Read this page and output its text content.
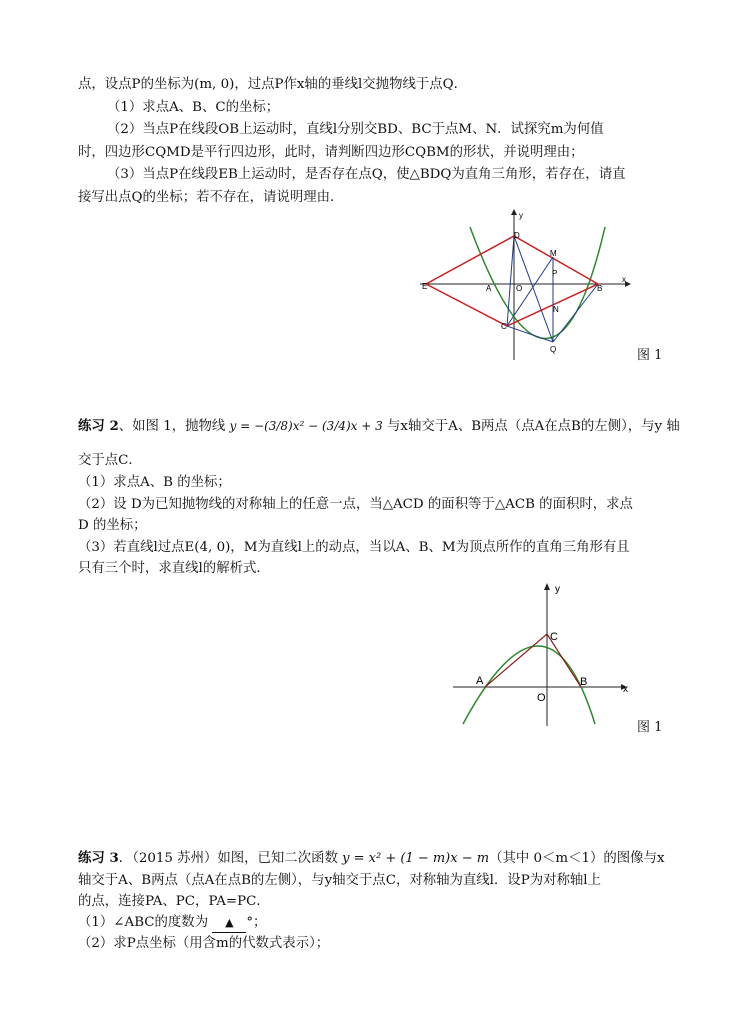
点，设点P的坐标为(m, 0)，过点P作x轴的垂线l交抛物线于点Q．
（1）求点A、B、C的坐标；
（2）当点P在线段OB上运动时，直线l分别交BD、BC于点M、N．试探究m为何值
时，四边形CQMD是平行四边形，此时，请判断四边形CQBM的形状，并说明理由；
（3）当点P在线段EB上运动时，是否存在点Q，使△BDQ为直角三角形，若存在，请直
接写出点Q的坐标；若不存在，请说明理由．
y
x
D
M
P
E	A	O	B
N
C
Q	图 1
练习 2、如图 1，抛物线 y = −(3/8)x² − (3/4)x + 3 与x轴交于A、B两点（点A在点B的左侧），与y 轴
交于点C．
（1）求点A、B 的坐标；
（2）设 D为已知抛物线的对称轴上的任意一点，当△ACD 的面积等于△ACB 的面积时，求点
D 的坐标；
（3）若直线l过点E(4, 0)，M为直线l上的动点，当以A、B、M为顶点所作的直角三角形有且
只有三个时，求直线l的解析式．
y
x
C
A
O
B
图 1
练习 3．（2015 苏州）如图，已知二次函数 y = x² + (1 − m)x − m（其中 0＜m＜1）的图像与x
轴交于A、B两点（点A在点B的左侧），与y轴交于点C，对称轴为直线l．设P为对称轴l上
的点，连接PA、PC，PA=PC．
（1）∠ABC的度数为 ▲ °；
（2）求P点坐标（用含m的代数式表示）；
